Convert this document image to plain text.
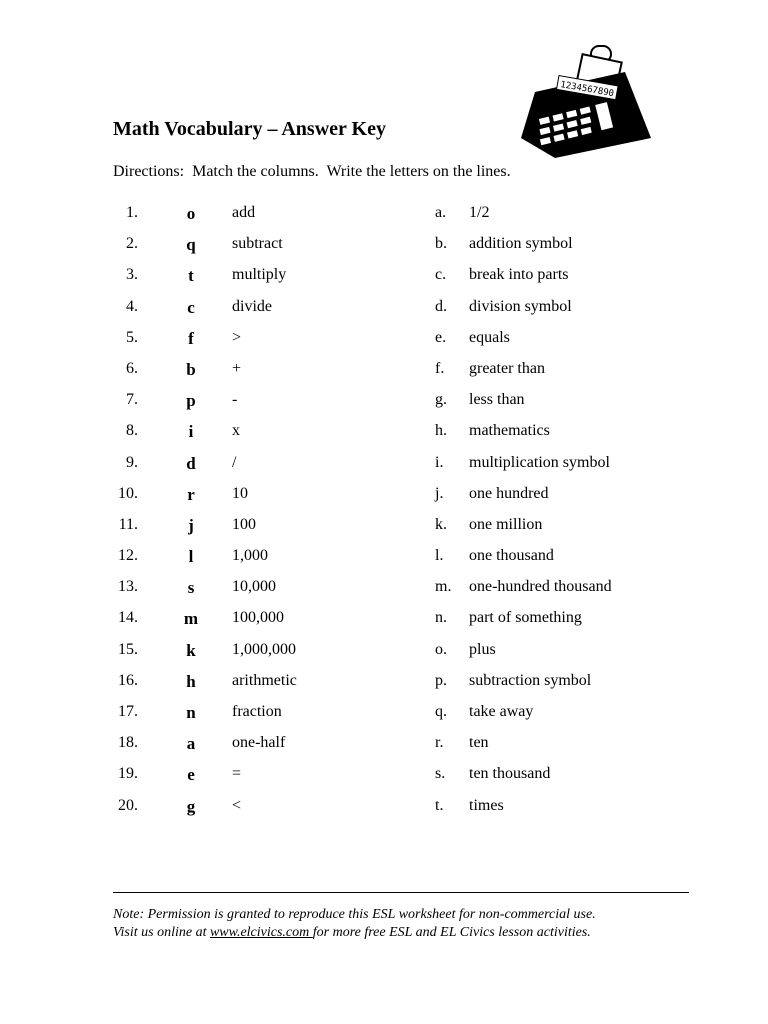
1234567890
Math Vocabulary – Answer Key
Directions:  Match the columns.  Write the letters on the lines.
1.	o	add	a. 1/2
2.	q	subtract	b. addition symbol
3.	t	multiply	c. break into parts
4.	c	divide	d. division symbol
5.	f	>	e. equals
6.	b	+	f. greater than
7.	p	-	g. less than
8.	i	x	h. mathematics
9.	d	/	i. multiplication symbol
10.	r	10	j. one hundred
11.	j	100	k. one million
12.	l	1,000	l. one thousand
13.	s	10,000	m. one-hundred thousand
14.	m 100,000	n. part of something
15.	k	1,000,000	o. plus
16.	h	arithmetic	p. subtraction symbol
17.	n	fraction	q. take away
18.	a	one-half	r. ten
19.	e	=	s. ten thousand
20.	g	<	t. times
Note: Permission is granted to reproduce this ESL worksheet for non-commercial use.
Visit us online at www.elcivics.com for more free ESL and EL Civics lesson activities.
